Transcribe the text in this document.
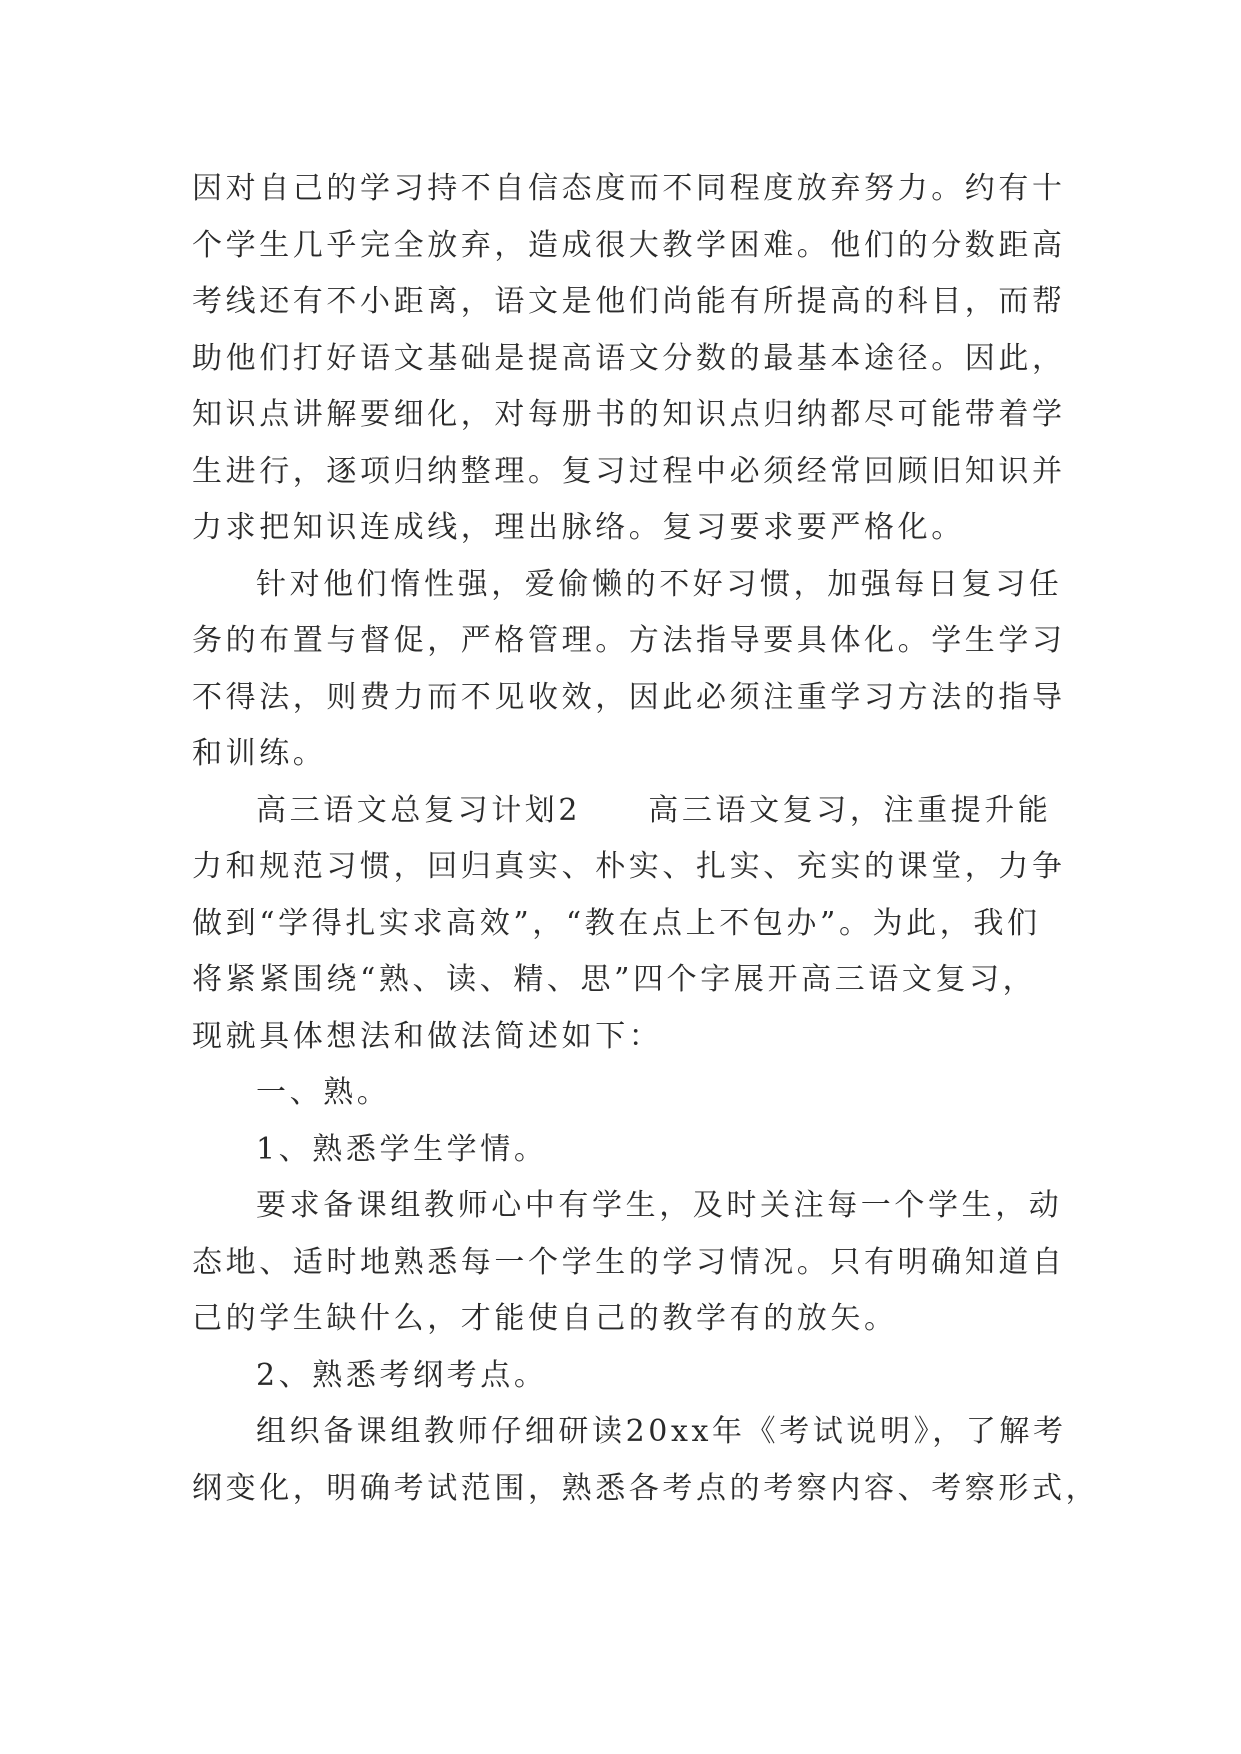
因对自己的学习持不自信态度而不同程度放弃努力。约有十
个学生几乎完全放弃，造成很大教学困难。他们的分数距高
考线还有不小距离，语文是他们尚能有所提高的科目，而帮
助他们打好语文基础是提高语文分数的最基本途径。因此，
知识点讲解要细化，对每册书的知识点归纳都尽可能带着学
生进行，逐项归纳整理。复习过程中必须经常回顾旧知识并
力求把知识连成线，理出脉络。复习要求要严格化。
针对他们惰性强，爱偷懒的不好习惯，加强每日复习任
务的布置与督促，严格管理。方法指导要具体化。学生学习
不得法，则费力而不见收效，因此必须注重学习方法的指导
和训练。
高三语文总复习计划2　　高三语文复习，注重提升能
力和规范习惯，回归真实、朴实、扎实、充实的课堂，力争
做到“学得扎实求高效”，“教在点上不包办”。为此，我们
将紧紧围绕“熟、读、精、思”四个字展开高三语文复习，
现就具体想法和做法简述如下：
一、熟。
1、熟悉学生学情。
要求备课组教师心中有学生，及时关注每一个学生，动
态地、适时地熟悉每一个学生的学习情况。只有明确知道自
己的学生缺什么，才能使自己的教学有的放矢。
2、熟悉考纲考点。
组织备课组教师仔细研读20xx年《考试说明》，了解考
纲变化，明确考试范围，熟悉各考点的考察内容、考察形式，
